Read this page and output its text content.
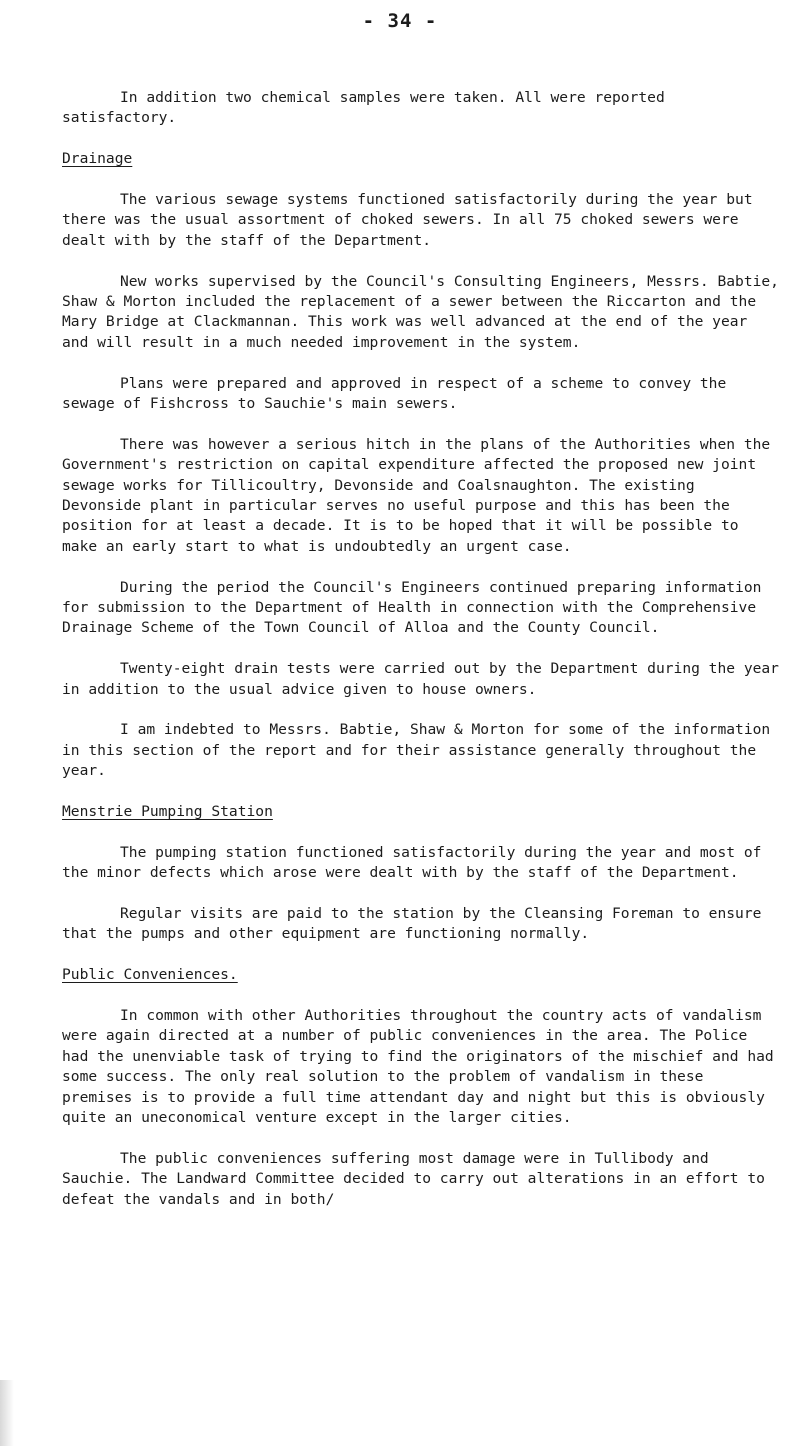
- 34 -

In addition two chemical samples were taken. All were reported satisfactory.

Drainage

The various sewage systems functioned satisfactorily during the year but there was the usual assortment of choked sewers. In all 75 choked sewers were dealt with by the staff of the Department.

New works supervised by the Council's Consulting Engineers, Messrs. Babtie, Shaw & Morton included the replacement of a sewer between the Riccarton and the Mary Bridge at Clackmannan. This work was well advanced at the end of the year and will result in a much needed improvement in the system.

Plans were prepared and approved in respect of a scheme to convey the sewage of Fishcross to Sauchie's main sewers.

There was however a serious hitch in the plans of the Authorities when the Government's restriction on capital expenditure affected the proposed new joint sewage works for Tillicoultry, Devonside and Coalsnaughton. The existing Devonside plant in particular serves no useful purpose and this has been the position for at least a decade. It is to be hoped that it will be possible to make an early start to what is undoubtedly an urgent case.

During the period the Council's Engineers continued preparing information for submission to the Department of Health in connection with the Comprehensive Drainage Scheme of the Town Council of Alloa and the County Council.

Twenty-eight drain tests were carried out by the Department during the year in addition to the usual advice given to house owners.

I am indebted to Messrs. Babtie, Shaw & Morton for some of the information in this section of the report and for their assistance generally throughout the year.

Menstrie Pumping Station

The pumping station functioned satisfactorily during the year and most of the minor defects which arose were dealt with by the staff of the Department.

Regular visits are paid to the station by the Cleansing Foreman to ensure that the pumps and other equipment are functioning normally.

Public Conveniences.

In common with other Authorities throughout the country acts of vandalism were again directed at a number of public conveniences in the area. The Police had the unenviable task of trying to find the originators of the mischief and had some success. The only real solution to the problem of vandalism in these premises is to provide a full time attendant day and night but this is obviously quite an uneconomical venture except in the larger cities.

The public conveniences suffering most damage were in Tullibody and Sauchie. The Landward Committee decided to carry out alterations in an effort to defeat the vandals and in both/
